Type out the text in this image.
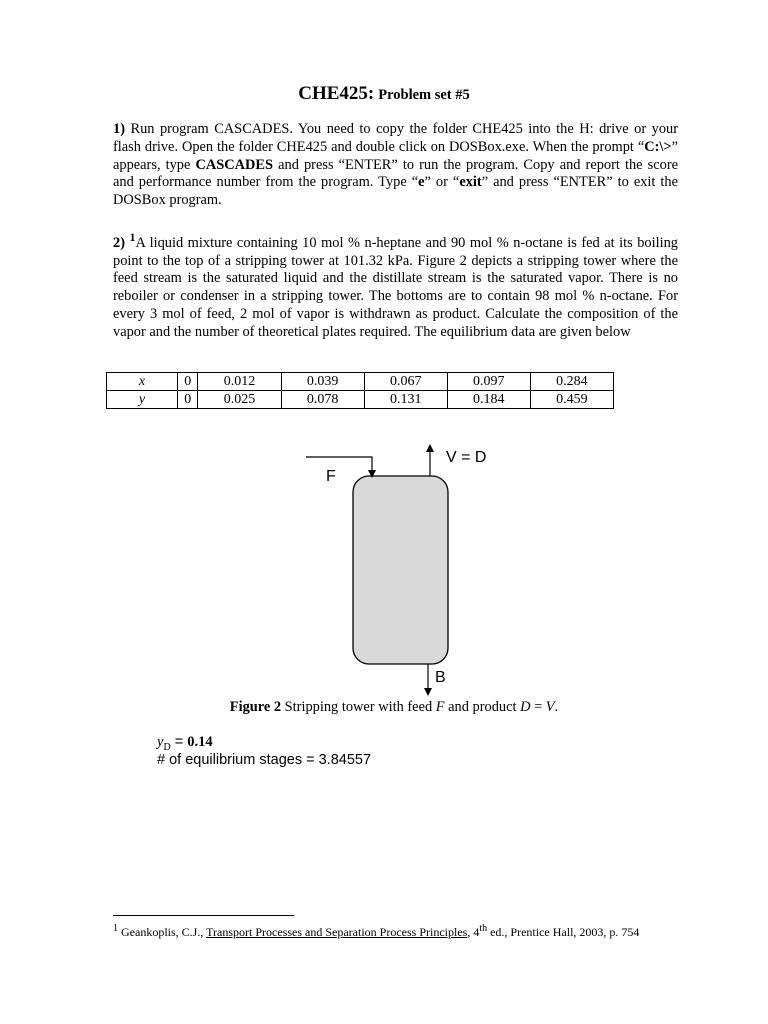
CHE425: Problem set #5
1) Run program CASCADES. You need to copy the folder CHE425 into the H: drive or your flash drive. Open the folder CHE425 and double click on DOSBox.exe. When the prompt “C:\>” appears, type CASCADES and press “ENTER” to run the program. Copy and report the score and performance number from the program. Type “e” or “exit” and press “ENTER” to exit the DOSBox program.
2) $^1$A liquid mixture containing 10 mol % n-heptane and 90 mol % n-octane is fed at its boiling point to the top of a stripping tower at 101.32 kPa. Figure 2 depicts a stripping tower where the feed stream is the saturated liquid and the distillate stream is the saturated vapor. There is no reboiler or condenser in a stripping tower. The bottoms are to contain 98 mol % n-octane. For every 3 mol of feed, 2 mol of vapor is withdrawn as product. Calculate the composition of the vapor and the number of theoretical plates required. The equilibrium data are given below
x	0	0.012	0.039	0.067	0.097	0.284
y	0	0.025	0.078	0.131	0.184	0.459
F
V = D
B
Figure 2 Stripping tower with feed F and product D = V.
$y_D = 0.14$
# of equilibrium stages = 3.84557
$^1$ Geankoplis, C.J., Transport Processes and Separation Process Principles, 4th ed., Prentice Hall, 2003, p. 754
